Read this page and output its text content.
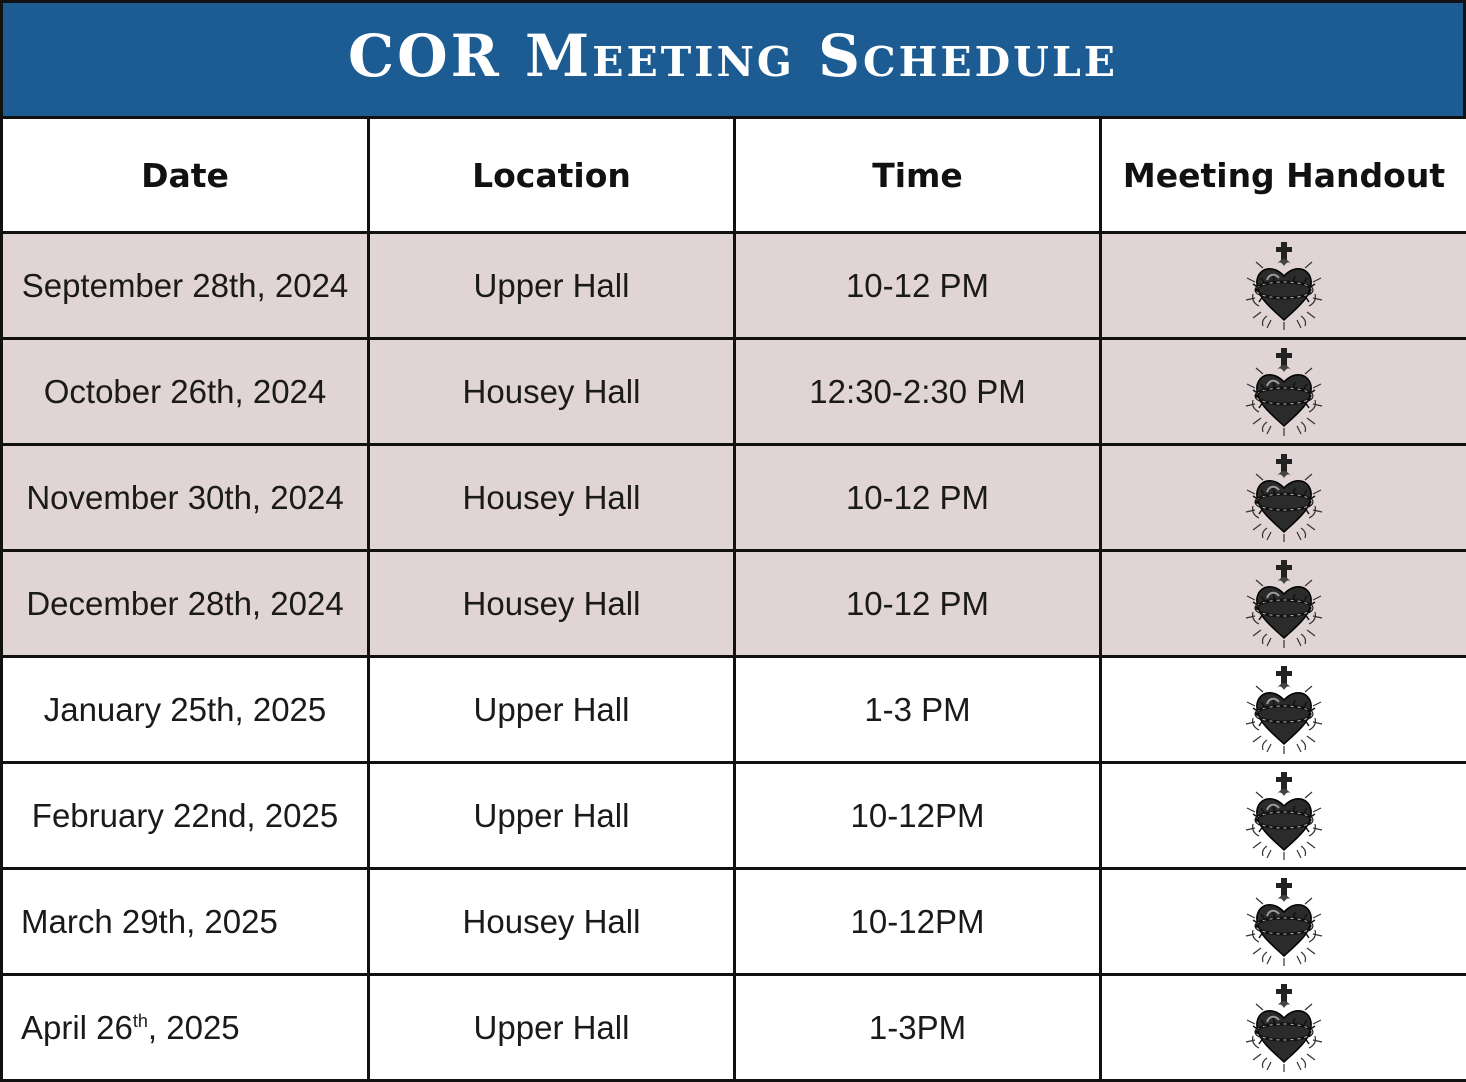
COR Meeting Schedule
Date	Location	Time	Meeting Handout
September 28th, 2024	Upper Hall	10-12 PM	

October 26th, 2024	Housey Hall	12:30-2:30 PM	

November 30th, 2024	Housey Hall	10-12 PM	

December 28th, 2024	Housey Hall	10-12 PM	

January 25th, 2025	Upper Hall	1-3 PM	

February 22nd, 2025	Upper Hall	10-12PM	

March 29th, 2025	Housey Hall	10-12PM	

April 26th, 2025	Upper Hall	1-3PM	
